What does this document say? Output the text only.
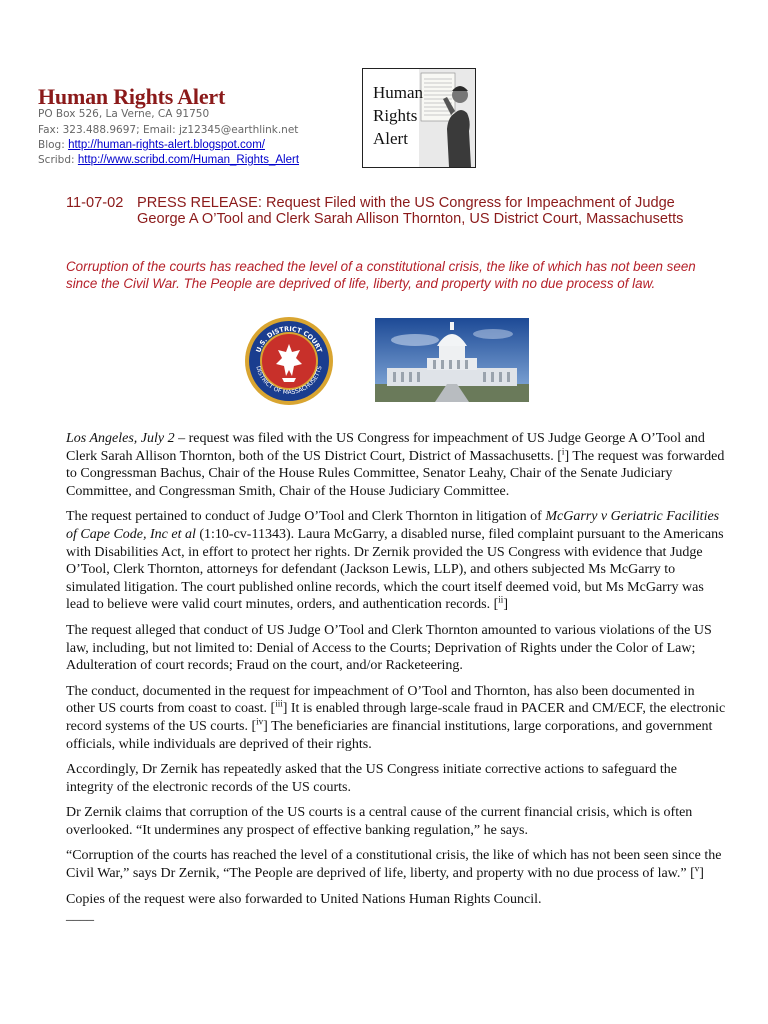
Human Rights Alert
PO Box 526, La Verne, CA 91750
Fax: 323.488.9697; Email: jz12345@earthlink.net
Blog: http://human-rights-alert.blogspot.com/
Scribd: http://www.scribd.com/Human_Rights_Alert
Human
Rights
Alert
11-07-02 PRESS RELEASE: Request Filed with the US Congress for Impeachment of Judge George A O’Tool and Clerk Sarah Allison Thornton, US District Court, Massachusetts
Corruption of the courts has reached the level of a constitutional crisis, the like of which has not been seen since the Civil War. The People are deprived of life, liberty, and property with no due process of law.
U.S. DISTRICT COURT
DISTRICT OF MASSACHUSETTS

Los Angeles, July 2 – request was filed with the US Congress for impeachment of US Judge George A O’Tool and Clerk Sarah Allison Thornton, both of the US District Court, District of Massachusetts. [$^i$] The request was forwarded to Congressman Bachus, Chair of the House Rules Committee, Senator Leahy, Chair of the Senate Judiciary Committee, and Congressman Smith, Chair of the House Judiciary Committee.

The request pertained to conduct of Judge O’Tool and Clerk Thornton in litigation of McGarry v Geriatric Facilities of Cape Code, Inc et al (1:10-cv-11343). Laura McGarry, a disabled nurse, filed complaint pursuant to the Americans with Disabilities Act, in effort to protect her rights. Dr Zernik provided the US Congress with evidence that Judge O’Tool, Clerk Thornton, attorneys for defendant (Jackson Lewis, LLP), and others subjected Ms McGarry to simulated litigation. The court published online records, which the court itself deemed void, but Ms McGarry was lead to believe were valid court minutes, orders, and authentication records. [$^{ii}$]

The request alleged that conduct of US Judge O’Tool and Clerk Thornton amounted to various violations of the US law, including, but not limited to: Denial of Access to the Courts; Deprivation of Rights under the Color of Law; Adulteration of court records; Fraud on the court, and/or Racketeering.

The conduct, documented in the request for impeachment of O’Tool and Thornton, has also been documented in other US courts from coast to coast. [$^{iii}$] It is enabled through large-scale fraud in PACER and CM/ECF, the electronic record systems of the US courts. [$^{iv}$] The beneficiaries are financial institutions, large corporations, and government officials, while individuals are deprived of their rights.

Accordingly, Dr Zernik has repeatedly asked that the US Congress initiate corrective actions to safeguard the integrity of the electronic records of the US courts.

Dr Zernik claims that corruption of the US courts is a central cause of the current financial crisis, which is often overlooked. “It undermines any prospect of effective banking regulation,” he says.

“Corruption of the courts has reached the level of a constitutional crisis, the like of which has not been seen since the Civil War,” says Dr Zernik, “The People are deprived of life, liberty, and property with no due process of law.” [$^v$]

Copies of the request were also forwarded to United Nations Human Rights Council.

____
